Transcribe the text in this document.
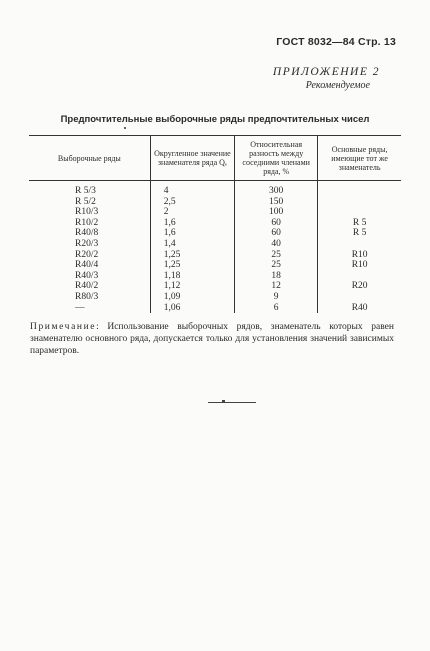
ГОСТ 8032—84 Стр. 13
ПРИЛОЖЕНИЕ 2
Рекомендуемое
Предпочтительные выборочные ряды предпочтительных чисел
Выборочные ряды	Округленное значение знаменателя ряда Qₑ	Относительная разность между соседними членами ряда, %	Основные ряды, имеющие тот же знаменатель
R 5/3	4	300	
R 5/2	2,5	150	
R10/3	2	100	
R10/2	1,6	60	R 5
R40/8	1,6	60	R 5
R20/3	1,4	40	
R20/2	1,25	25	R10
R40/4	1,25	25	R10
R40/3	1,18	18	
R40/2	1,12	12	R20
R80/3	1,09	9	
—	1,06	6	R40
Примечание: Использование выборочных рядов, знаменатель которых равен знаменателю основного ряда, допускается только для установления значений зависимых параметров.
